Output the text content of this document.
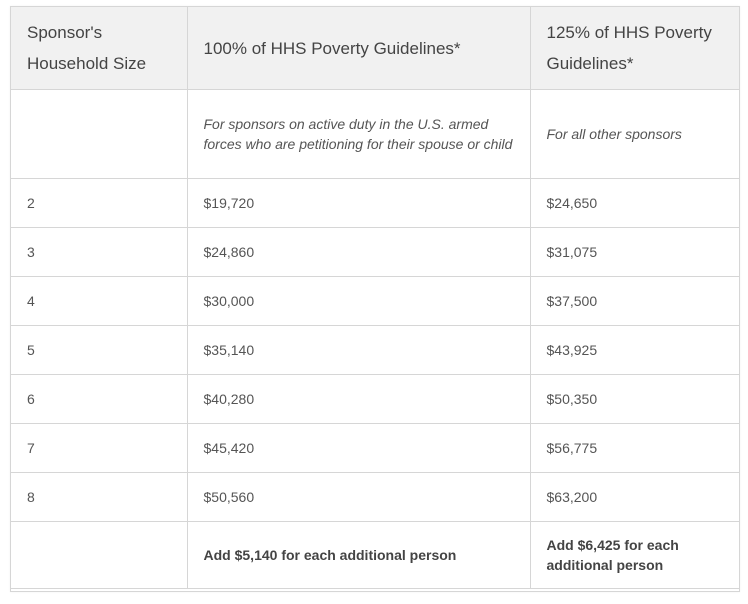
Sponsor's Household Size	100% of HHS Poverty Guidelines*	125% of HHS Poverty Guidelines*

	For sponsors on active duty in the U.S. armed forces who are petitioning for their spouse or child	For all other sponsors
2	$19,720	$24,650
3	$24,860	$31,075
4	$30,000	$37,500
5	$35,140	$43,925
6	$40,280	$50,350
7	$45,420	$56,775
8	$50,560	$63,200
	Add $5,140 for each additional person	Add $6,425 for each additional person
